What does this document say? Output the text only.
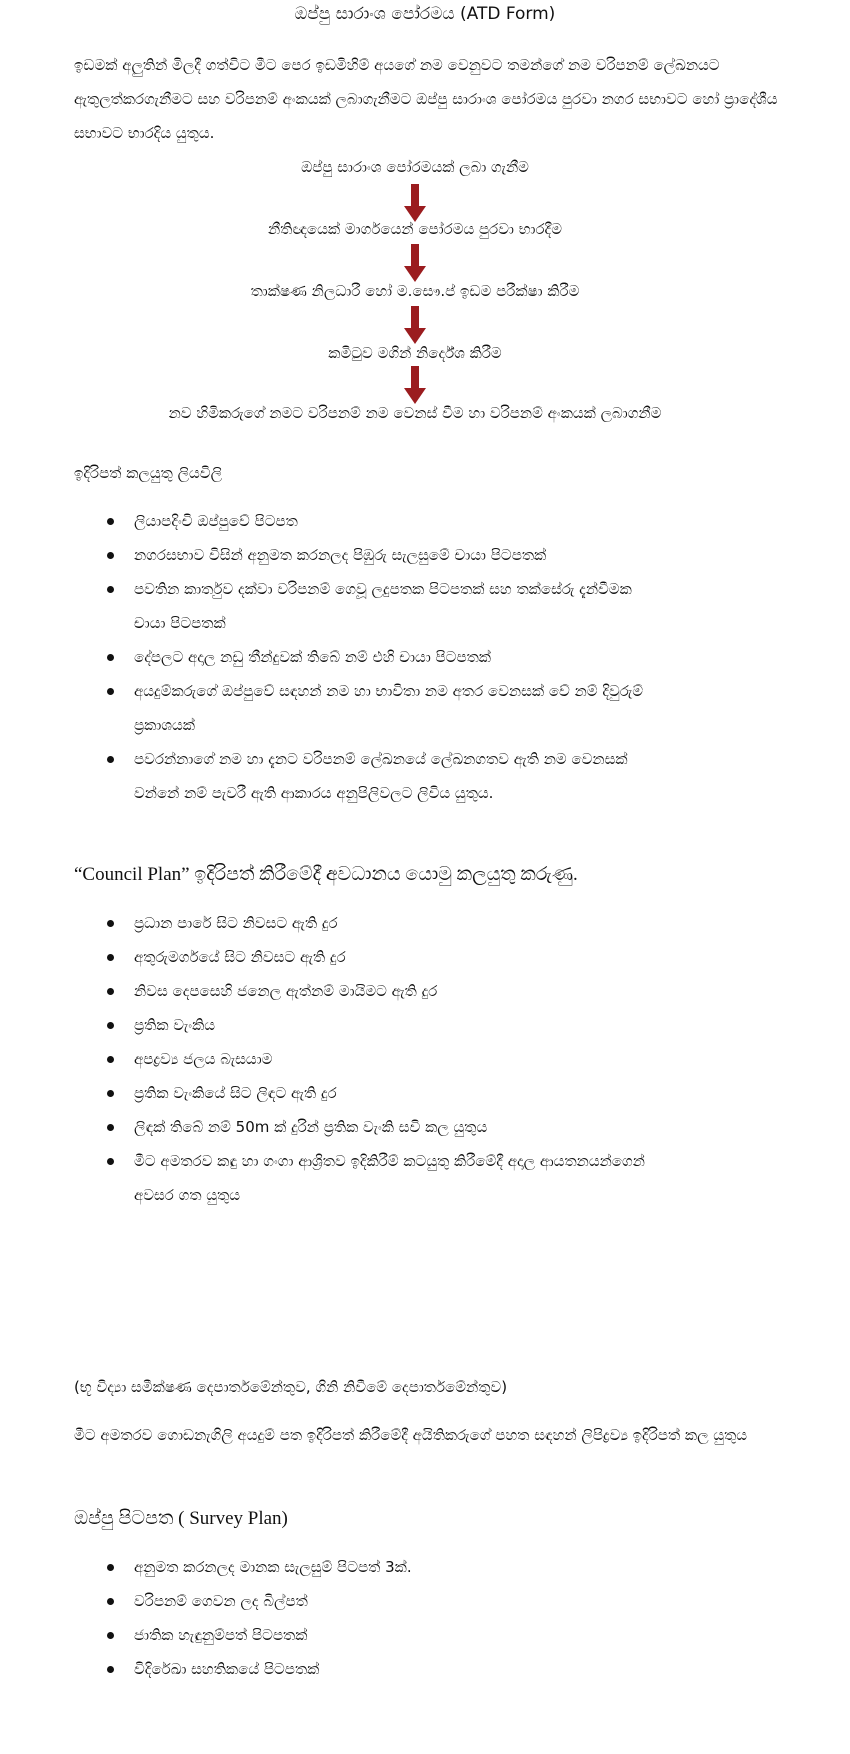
ඔප්පු සාරාංශ පෝරමය (ATD Form)
ඉඩමක් අලුතින් මිලදී ගත්විට මීට පෙර ඉඩමිහිම් අයගේ නම වෙනුවට තමන්ගේ නම වරිපනම් ලේඛනයට ඇතුලත්කරගැනීමට සහ වරිපනම් අංකයක් ලබාගැනීමට ඔප්පු සාරාංශ පෝරමය පුරවා නගර සභාවට හෝ ප්‍රාදේශීය සභාවට භාරදිය යුතුය.
ඔප්පු සාරාංශ පෝරමයක් ලබා ගැනීම
නීතිඥයෙක් මාර්ගයෙන් පෝරමය පුරවා භාරදීම
තාක්ෂණ නිලධාරී හෝ ම.සෞ.ප් ඉඩම පරීක්ෂා කිරීම
කමිටුව මගින් නිර්දේශ කිරීම
නව හිමිකරුගේ නමට වරිපනම් නම වෙනස් වීම හා වරිපනම් අංකයක් ලබාගනීම
ඉදිරිපත් කලයුතු ලියවිලි
ලියාපදිංචි ඔප්පුවේ පිටපත
නගරසභාව විසින් අනුමත කරනලද පිඹුරු සැලසුමේ චායා පිටපතක්
පවතින කාර්තුව දක්වා වරිපනම් ගෙවූ ලදුපතක පිටපතක් සහ තක්සේරු දැන්වීමක
චායා පිටපතක්
දේපලට අදාල නඩු තීන්දුවක් තිබේ නම් එහි චායා පිටපතක්
අයදුම්කරුගේ ඔප්පුවේ සඳහන් නම හා භාවිතා නම අතර වෙනසක් වේ නම් දිවුරුම්
ප්‍රකාශයක්
පවරන්නාගේ නම හා දැනට වරිපනම් ලේඛනයේ ලේඛනගතව ඇති නම වෙනසක්
වන්නේ නම් පැවරී ඇති ආකාරය අනුපිලිවලට ලිවිය යුතුය.
“Council Plan” ඉදිරිපත් කිරීමේදී අවධානය යොමු කලයුතු කරුණු.
ප්‍රධාන පාරේ සිට නිවසට ඇති දුර
අතුරුමර්ගයේ සිට නිවසට ඇති දුර
නිවස දෙපසෙහි ජනෙල ඇත්නම් මායිමට ඇති දුර
ප්‍රතික වැංකිය
අපද්‍රව්‍ය ජලය බැසයාම
ප්‍රතික වැංකියේ සිට ලිඳට ඇති දුර
ලිඳක් තිබේ නම් 50m ක් දුරින් ප්‍රතික වැංකි සවි කල යුතුය
මීට අමතරව කඳු හා ගංගා ආශ්‍රිතව ඉදිකිරීම් කටයුතු කිරීමේදී අදාල ආයතනයන්ගෙන්
අවසර ගත යුතුය
(භූ විද්‍යා සමීක්ෂණ දෙපාර්තමේන්තුව, ගිනි නිවීමේ දෙපාර්තමේන්තුව)
මීට අමතරව ගොඩනැගිලි අයදුම් පත ඉදිරිපත් කිරීමේදී අයිතිකරුගේ පහත සඳහන් ලිපිද්‍රව්‍ය ඉදිරිපත් කල යුතුය
ඔප්පු පිටපත ( Survey Plan)
අනුමත කරනලද මානක සැලසුම් පිටපත් 3ක්.
වරිපනම් ගෙවන ලද බිල්පත්
ජාතික හැඳුනුම්පත් පිටපතක්
විදිරේඛා සහතිකයේ පිටපතක්
